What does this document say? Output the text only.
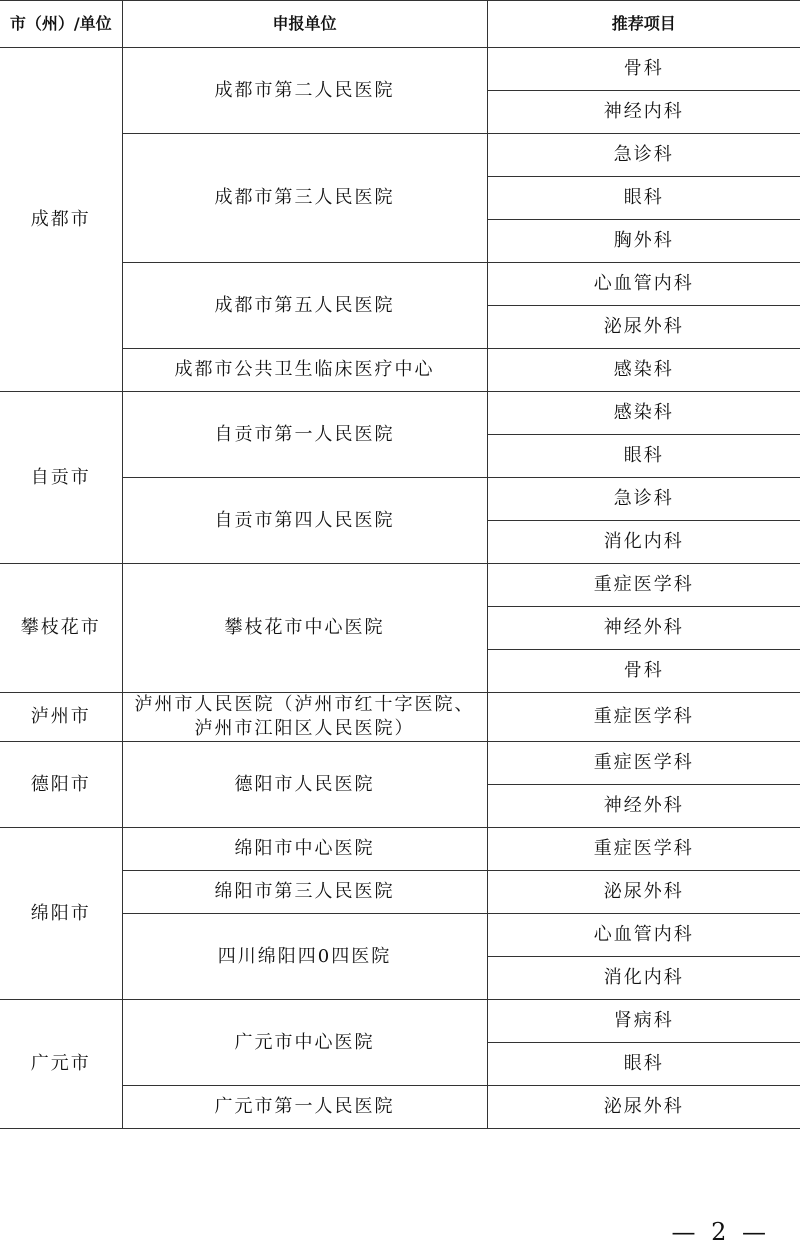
市（州）/单位	申报单位	推荐项目
成都市	成都市第二人民医院	骨科
		神经内科
	成都市第三人民医院	急诊科
		眼科
		胸外科
	成都市第五人民医院	心血管内科
		泌尿外科
	成都市公共卫生临床医疗中心	感染科
自贡市	自贡市第一人民医院	感染科
		眼科
	自贡市第四人民医院	急诊科
		消化内科
攀枝花市	攀枝花市中心医院	重症医学科
		神经外科
		骨科
泸州市	泸州市人民医院（泸州市红十字医院、泸州市江阳区人民医院）	重症医学科
德阳市	德阳市人民医院	重症医学科
		神经外科
绵阳市	绵阳市中心医院	重症医学科
	绵阳市第三人民医院	泌尿外科
	四川绵阳四0四医院	心血管内科
		消化内科
广元市	广元市中心医院	肾病科
		眼科
	广元市第一人民医院	泌尿外科
— 2 —
